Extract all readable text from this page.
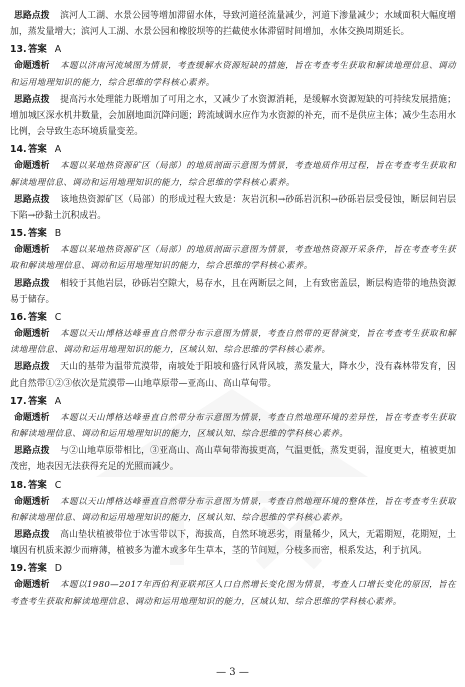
思路点拨 滨河人工湖、水景公园等增加滞留水体，导致河道径流量减少，河道下渗量减少；水域面积大幅度增加，蒸发量增大；滨河人工湖、水景公园和橡胶坝等的拦截使水体滞留时间增加，水体交换周期延长。
13.答案 A
命题透析 本题以济南河流域图为情景，考查缓解水资源短缺的措施，旨在考查考生获取和解读地理信息、调动和运用地理知识的能力，综合思维的学科核心素养。
思路点拨 提高污水处理能力既增加了可用之水，又减少了水资源消耗，是缓解水资源短缺的可持续发展措施；增加城区深水机井数量，会加剧地面沉降问题；跨流域调水应作为水资源的补充，而不是供应主体；减少生态用水比例，会导致生态环境质量变差。
14.答案 A
命题透析 本题以某地热资源矿区（局部）的地质剖面示意图为情景，考查地质作用过程，旨在考查考生获取和解读地理信息、调动和运用地理知识的能力，综合思维的学科核心素养。
思路点拨 该地热资源矿区（局部）的形成过程大致是：灰岩沉积→砂砾岩沉积→砂砾岩层受侵蚀，断层间岩层下陷→砂黏土沉积成岩。
15.答案 B
命题透析 本题以某地热资源矿区（局部）的地质剖面示意图为情景，考查地热资源开采条件，旨在考查考生获取和解读地理信息、调动和运用地理知识的能力，综合思维的学科核心素养。
思路点拨 相较于其他岩层，砂砾岩空隙大，易存水，且在两断层之间，上有致密盖层，断层构造带的地热资源易于储存。
16.答案 C
命题透析 本题以天山博格达峰垂直自然带分布示意图为情景，考查自然带的更替演变，旨在考查考生获取和解读地理信息、调动和运用地理知识的能力，区域认知、综合思维的学科核心素养。
思路点拨 天山的基带为温带荒漠带，南坡处于阳坡和盛行风背风坡，蒸发量大，降水少，没有森林带发育，因此自然带①②③依次是荒漠带—山地草原带—亚高山、高山草甸带。
17.答案 A
命题透析 本题以天山博格达峰垂直自然带分布示意图为情景，考查自然地理环境的差异性，旨在考查考生获取和解读地理信息、调动和运用地理知识的能力，区域认知、综合思维的学科核心素养。
思路点拨 与②山地草原带相比，③亚高山、高山草甸带海拔更高，气温更低，蒸发更弱，湿度更大，植被更加茂密，地表因无法获得充足的光照而减少。
18.答案 C
命题透析 本题以天山博格达峰垂直自然带分布示意图为情景，考查自然地理环境的整体性，旨在考查考生获取和解读地理信息、调动和运用地理知识的能力，区域认知、综合思维的学科核心素养。
思路点拨 高山垫状植被带位于冰雪带以下，海拔高，自然环境恶劣，雨量稀少，风大，无霜期短，花期短，土壤因有机质来源少而瘠薄，植被多为灌木或多年生草本，茎的节间短，分枝多而密，根系发达，利于抗风。
19.答案 D
命题透析 本题以1980—2017年西伯利亚联邦区人口自然增长变化图为情景，考查人口增长变化的原因，旨在考查考生获取和解读地理信息、调动和运用地理知识的能力，区域认知、综合思维的学科核心素养。
— 3 —
